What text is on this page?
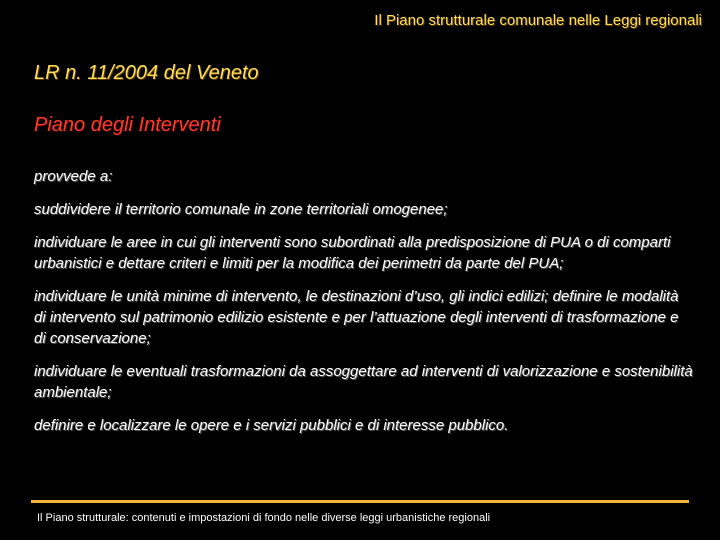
Il Piano strutturale comunale nelle Leggi regionali
LR n. 11/2004 del Veneto
Piano degli Interventi

provvede a:

suddividere il territorio comunale in zone territoriali omogenee;

individuare le aree in cui gli interventi sono subordinati alla predisposizione di PUA o di comparti urbanistici e dettare criteri e limiti per la modifica dei perimetri da parte del PUA;

individuare le unità minime di intervento, le destinazioni d’uso, gli indici edilizi; definire le modalità di intervento sul patrimonio edilizio esistente e per l’attuazione degli interventi di trasformazione e di conservazione;

individuare le eventuali trasformazioni da assoggettare ad interventi di valorizzazione e sostenibilità ambientale;

definire e localizzare le opere e i servizi pubblici e di interesse pubblico.

Il Piano strutturale: contenuti e impostazioni di fondo nelle diverse leggi urbanistiche regionali
